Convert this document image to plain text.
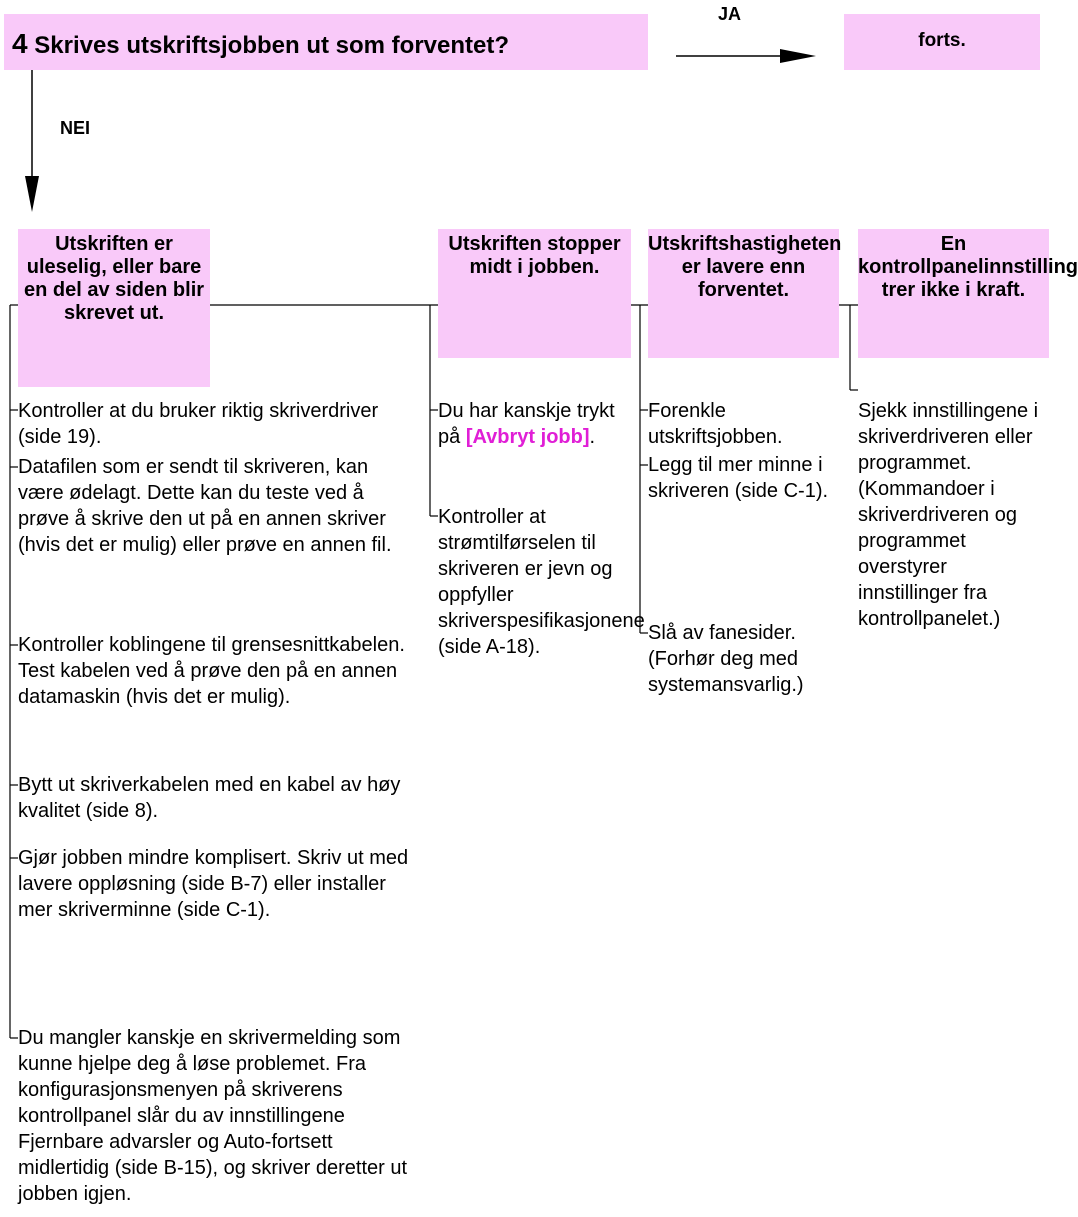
4 Skrives utskriftsjobben ut som forventet?
JA
NEI
forts.
Utskriften er uleselig, eller bare en del av siden blir skrevet ut.
Utskriften stopper midt i jobben.
Utskriftshastigheten er lavere enn forventet.
En kontrollpanelinnstilling trer ikke i kraft.
Kontroller at du bruker riktig skriverdriver (side 19).
Datafilen som er sendt til skriveren, kan være ødelagt. Dette kan du teste ved å prøve å skrive den ut på en annen skriver (hvis det er mulig) eller prøve en annen fil.
Kontroller koblingene til grensesnittkabelen. Test kabelen ved å prøve den på en annen datamaskin (hvis det er mulig).
Bytt ut skriverkabelen med en kabel av høy kvalitet (side 8).
Gjør jobben mindre komplisert. Skriv ut med lavere oppløsning (side B-7) eller installer mer skriverminne (side C-1).
Du mangler kanskje en skrivermelding som kunne hjelpe deg å løse problemet. Fra konfigurasjonsmenyen på skriverens kontrollpanel slår du av innstillingene Fjernbare advarsler og Auto-fortsett midlertidig (side B-15), og skriver deretter ut jobben igjen.
Du har kanskje trykt på [Avbryt jobb].
Kontroller at strømtilførselen til skriveren er jevn og oppfyller skriverspesifikasjonene (side A-18).
Forenkle utskriftsjobben.
Legg til mer minne i skriveren (side C-1).
Slå av fanesider. (Forhør deg med systemansvarlig.)
Sjekk innstillingene i skriverdriveren eller programmet. (Kommandoer i skriverdriveren og programmet overstyrer innstillinger fra kontrollpanelet.)
